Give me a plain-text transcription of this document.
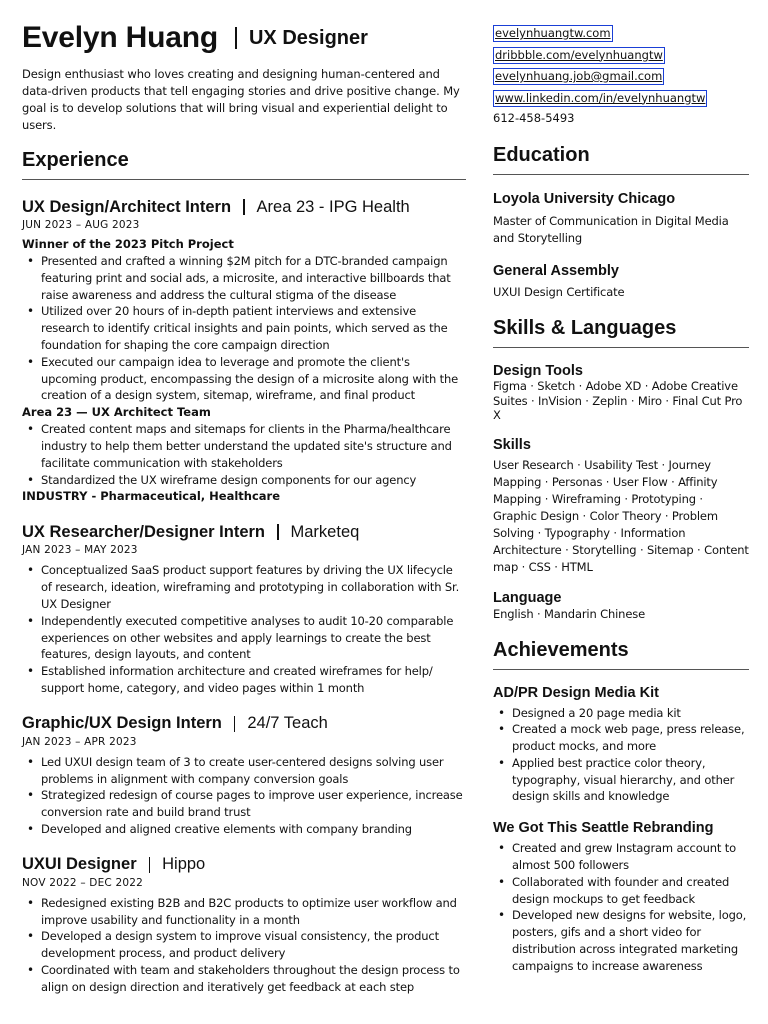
Evelyn Huang UX Designer

Design enthusiast who loves creating and designing human-centered and data-driven products that tell engaging stories and drive positive change. My goal is to develop solutions that will bring visual and experiential delight to users.

Experience
UX Design/Architect Intern Area 23 - IPG Health
JUN 2023 – AUG 2023
Winner of the 2023 Pitch Project
• Presented and crafted a winning $2M pitch for a DTC-branded campaign featuring print and social ads, a microsite, and interactive billboards that raise awareness and address the cultural stigma of the disease
• Utilized over 20 hours of in-depth patient interviews and extensive research to identify critical insights and pain points, which served as the foundation for shaping the core campaign direction
• Executed our campaign idea to leverage and promote the client's upcoming product, encompassing the design of a microsite along with the creation of a design system, sitemap, wireframe, and final product
Area 23 — UX Architect Team
• Created content maps and sitemaps for clients in the Pharma/healthcare industry to help them better understand the updated site's structure and facilitate communication with stakeholders
• Standardized the UX wireframe design components for our agency
INDUSTRY - Pharmaceutical, Healthcare
UX Researcher/Designer Intern Marketeq
JAN 2023 – MAY 2023
• Conceptualized SaaS product support features by driving the UX lifecycle of research, ideation, wireframing and prototyping in collaboration with Sr. UX Designer
• Independently executed competitive analyses to audit 10-20 comparable experiences on other websites and apply learnings to create the best features, design layouts, and content
• Established information architecture and created wireframes for help/ support home, category, and video pages within 1 month
Graphic/UX Design Intern 24/7 Teach
JAN 2023 – APR 2023
• Led UXUI design team of 3 to create user-centered designs solving user problems in alignment with company conversion goals
• Strategized redesign of course pages to improve user experience, increase conversion rate and build brand trust
• Developed and aligned creative elements with company branding
UXUI Designer Hippo
NOV 2022 – DEC 2022
• Redesigned existing B2B and B2C products to optimize user workflow and improve usability and functionality in a month
• Developed a design system to improve visual consistency, the product development process, and product delivery
• Coordinated with team and stakeholders throughout the design process to align on design direction and iteratively get feedback at each step
evelynhuangtw.com
dribbble.com/evelynhuangtw
evelynhuang.job@gmail.com
www.linkedin.com/in/evelynhuangtw
612-458-5493
Education
Loyola University Chicago
Master of Communication in Digital Media and Storytelling
General Assembly
UXUI Design Certificate
Skills & Languages
Design Tools
Figma · Sketch · Adobe XD · Adobe Creative Suites · InVision · Zeplin · Miro · Final Cut Pro X
Skills
User Research · Usability Test · Journey Mapping · Personas · User Flow · Affinity Mapping · Wireframing · Prototyping · Graphic Design · Color Theory · Problem Solving · Typography · Information Architecture · Storytelling · Sitemap · Content map · CSS · HTML
Language
English · Mandarin Chinese
Achievements
AD/PR Design Media Kit
• Designed a 20 page media kit
• Created a mock web page, press release, product mocks, and more
• Applied best practice color theory, typography, visual hierarchy, and other design skills and knowledge
We Got This Seattle Rebranding
• Created and grew Instagram account to almost 500 followers
• Collaborated with founder and created design mockups to get feedback
• Developed new designs for website, logo, posters, gifs and a short video for distribution across integrated marketing campaigns to increase awareness
